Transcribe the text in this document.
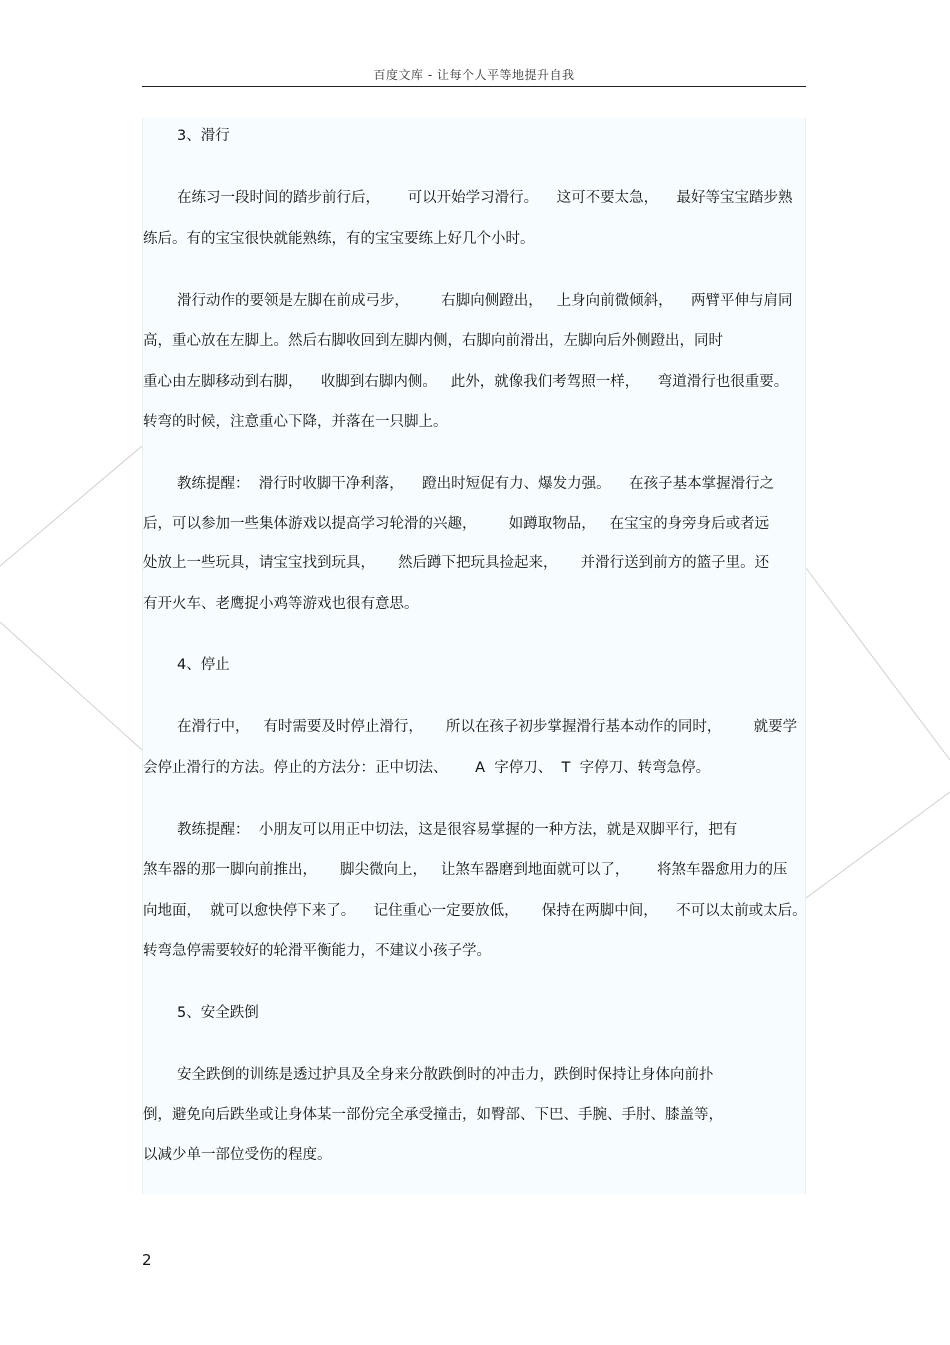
百度文库 - 让每个人平等地提升自我
3、滑行
在练习一段时间的踏步前行后，      可以开始学习滑行。    这可不要太急，    最好等宝宝踏步熟
练后。有的宝宝很快就能熟练，有的宝宝要练上好几个小时。
滑行动作的要领是左脚在前成弓步，       右脚向侧蹬出，   上身向前微倾斜，    两臂平伸与肩同
高，重心放在左脚上。然后右脚收回到左脚内侧，右脚向前滑出，左脚向后外侧蹬出，同时
重心由左脚移动到右脚，    收脚到右脚内侧。   此外，就像我们考驾照一样，    弯道滑行也很重要。
转弯的时候，注意重心下降，并落在一只脚上。
教练提醒：  滑行时收脚干净利落，    蹬出时短促有力、爆发力强。    在孩子基本掌握滑行之
后，可以参加一些集体游戏以提高学习轮滑的兴趣，       如蹲取物品，   在宝宝的身旁身后或者远
处放上一些玩具，请宝宝找到玩具，     然后蹲下把玩具捡起来，     并滑行送到前方的篮子里。还
有开火车、老鹰捉小鸡等游戏也很有意思。
4、停止
在滑行中，   有时需要及时停止滑行，     所以在孩子初步掌握滑行基本动作的同时，       就要学
会停止滑行的方法。停止的方法分：正中切法、      A  字停刀、  T  字停刀、转弯急停。
教练提醒：  小朋友可以用正中切法，这是很容易掌握的一种方法，就是双脚平行，把有
煞车器的那一脚向前推出，     脚尖微向上，   让煞车器磨到地面就可以了，      将煞车器愈用力的压
向地面，  就可以愈快停下来了。    记住重心一定要放低，     保持在两脚中间，    不可以太前或太后。
转弯急停需要较好的轮滑平衡能力，不建议小孩子学。
5、安全跌倒
安全跌倒的训练是透过护具及全身来分散跌倒时的冲击力，跌倒时保持让身体向前扑
倒，避免向后跌坐或让身体某一部份完全承受撞击，如臀部、下巴、手腕、手肘、膝盖等，
以减少单一部位受伤的程度。
2
